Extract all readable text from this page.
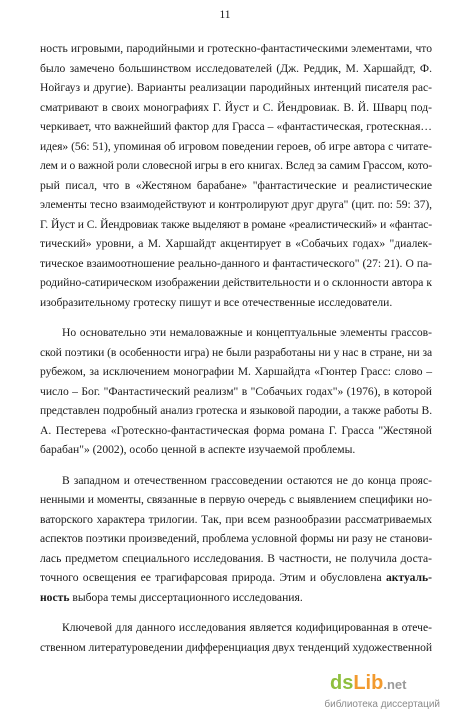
11
ность игровыми, пародийными и гротескно-фантастическими элементами, что
было замечено большинством исследователей (Дж. Реддик, М. Харшайдт, Ф.
Нойгауз и другие). Варианты реализации пародийных интенций писателя рас-
сматривают в своих монографиях Г. Йуст и С. Йендровиак. В. Й. Шварц под-
черкивает, что важнейший фактор для Грасса – «фантастическая, гротескная…
идея» (56: 51), упоминая об игровом поведении героев, об игре автора с читате-
лем и о важной роли словесной игры в его книгах. Вслед за самим Грассом, кото-
рый писал, что в «Жестяном барабане» "фантастические и реалистические
элементы тесно взаимодействуют и контролируют друг друга" (цит. по: 59: 37),
Г. Йуст и С. Йендровиак также выделяют в романе «реалистический» и «фантас-
тический» уровни, а М. Харшайдт акцентирует в «Собачьих годах» "диалек-
тическое взаимоотношение реально-данного и фантастического" (27: 21). О па-
родийно-сатирическом изображении действительности и о склонности автора к
изобразительному гротеску пишут и все отечественные исследователи.
Но основательно эти немаловажные и концептуальные элементы грассов-
ской поэтики (в особенности игра) не были разработаны ни у нас в стране, ни за
рубежом, за исключением монографии М. Харшайдта «Гюнтер Грасс: слово –
число – Бог. "Фантастический реализм" в "Собачьих годах"» (1976), в которой
представлен подробный анализ гротеска и языковой пародии, а также работы В.
А. Пестерева «Гротескно-фантастическая форма романа Г. Грасса "Жестяной
барабан"» (2002), особо ценной в аспекте изучаемой проблемы.
В западном и отечественном грассоведении остаются не до конца прояс-
ненными и моменты, связанные в первую очередь с выявлением специфики но-
ваторского характера трилогии. Так, при всем разнообразии рассматриваемых
аспектов поэтики произведений, проблема условной формы ни разу не станови-
лась предметом специального исследования. В частности, не получила доста-
точного освещения ее трагифарсовая природа. Этим и обусловлена актуаль-
ность выбора темы диссертационного исследования.
Ключевой для данного исследования является кодифицированная в отече-
ственном литературоведении дифференциация двух тенденций художественной
dsLib.net
библиотека диссертаций
